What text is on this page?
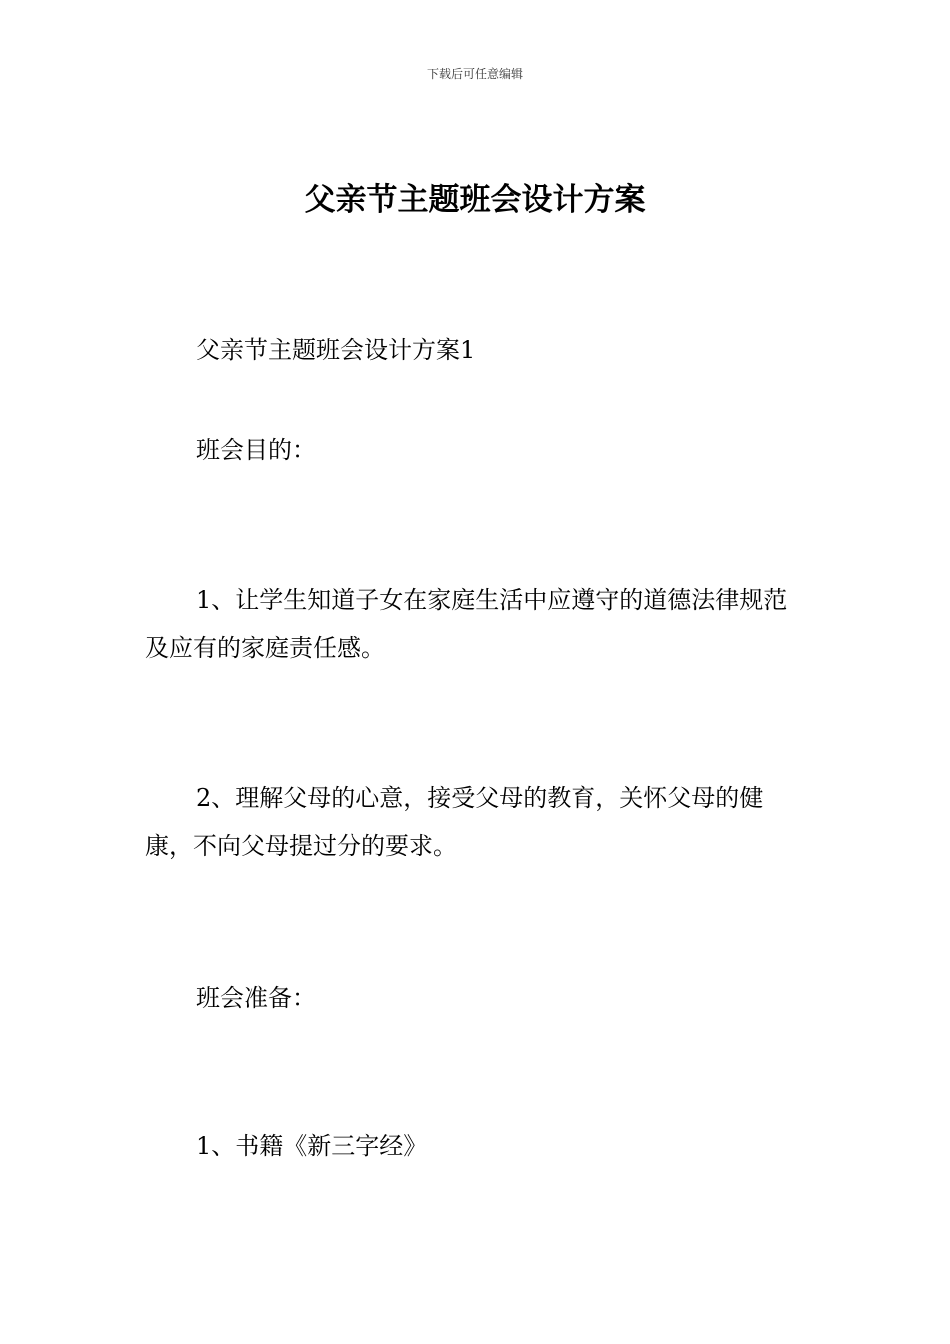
下载后可任意编辑
父亲节主题班会设计方案

父亲节主题班会设计方案1

班会目的：

1、让学生知道子女在家庭生活中应遵守的道德法律规范及应有的家庭责任感。

2、理解父母的心意，接受父母的教育，关怀父母的健康，不向父母提过分的要求。

班会准备：

1、书籍《新三字经》
